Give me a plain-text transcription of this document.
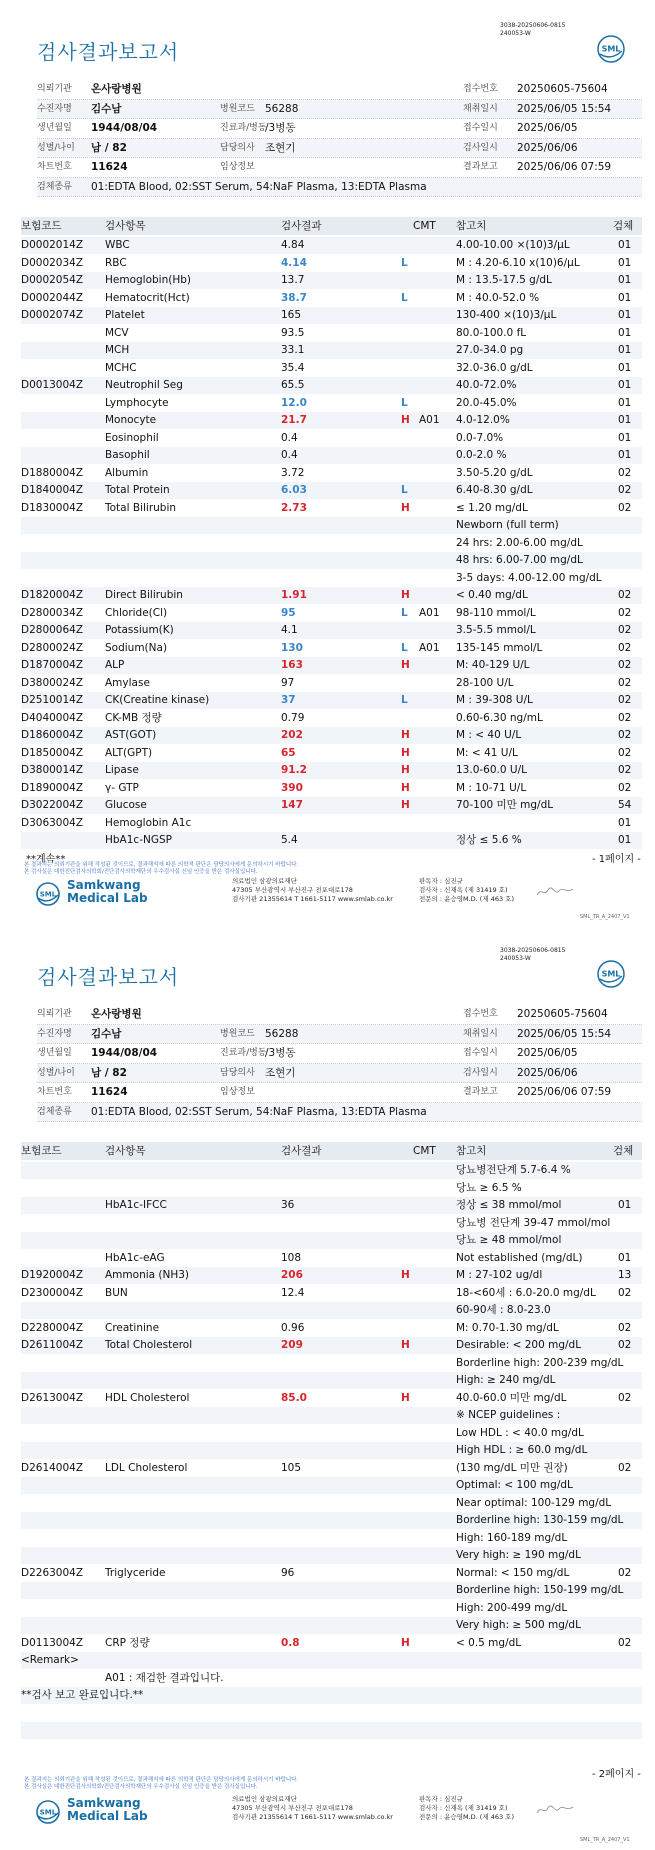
3038-20250606-0815
240053-W
검사결과보고서	SML
의뢰기관 온사랑병원	접수번호 20250605-75604
수진자명 김수남	병원코드 56288	채취일시 2025/06/05 15:54
생년월일 1944/08/04	진료과/병동
/3병동	접수일시 2025/06/05
성별/나이 남 / 82	담당의사 조현기	검사일시 2025/06/06
차트번호 11624	임상정보	결과보고 2025/06/06 07:59
검체종류 01:EDTA Blood, 02:SST Serum, 54:NaF Plasma, 13:EDTA Plasma
보험코드	검사항목	검사결과	CMT 참고치	검체
D0002014Z WBC	4.84	4.00-10.00 ×(10)3/μL	01
D0002034Z RBC	4.14	L	M : 4.20-6.10 x(10)6/μL	01
D0002054Z Hemoglobin(Hb)	13.7	M : 13.5-17.5 g/dL	01
D0002044Z Hematocrit(Hct)	38.7	L	M : 40.0-52.0 %	01
D0002074Z Platelet	165	130-400 ×(10)3/μL	01
MCV	93.5	80.0-100.0 fL	01
MCH	33.1	27.0-34.0 pg	01
MCHC	35.4	32.0-36.0 g/dL	01
D0013004Z Neutrophil Seg	65.5	40.0-72.0%	01
Lymphocyte	12.0	L	20.0-45.0%	01
Monocyte	21.7	H A01 4.0-12.0%	01
Eosinophil	0.4	0.0-7.0%	01
Basophil	0.4	0.0-2.0 %	01
D1880004Z Albumin	3.72	3.50-5.20 g/dL	02
D1840004Z Total Protein	6.03	L	6.40-8.30 g/dL	02
D1830004Z Total Bilirubin	2.73	H	≤ 1.20 mg/dL	02
Newborn (full term)
24 hrs: 2.00-6.00 mg/dL
48 hrs: 6.00-7.00 mg/dL
3-5 days: 4.00-12.00 mg/dL
D1820004Z Direct Bilirubin	1.91	H	< 0.40 mg/dL	02
D2800034Z Chloride(Cl)	95	L A01 98-110 mmol/L	02
D2800064Z Potassium(K)	4.1	3.5-5.5 mmol/L	02
D2800024Z Sodium(Na)	130	L A01 135-145 mmol/L	02
D1870004Z ALP	163	H	M: 40-129 U/L	02
D3800024Z Amylase	97	28-100 U/L	02
D2510014Z CK(Creatine kinase)	37	L	M : 39-308 U/L	02
D4040004Z CK-MB 정량	0.79	0.60-6.30 ng/mL	02
D1860004Z AST(GOT)	202	H	M : < 40 U/L	02
D1850004Z ALT(GPT)	65	H	M: < 41 U/L	02
D3800014Z Lipase	91.2	H	13.0-60.0 U/L	02
D1890004Z γ- GTP	390	H	M : 10-71 U/L	02
D3022004Z Glucose	147	H	70-100 미만 mg/dL	54
D3063004Z Hemoglobin A1c	01
HbA1c-NGSP	5.4	정상 ≤ 5.6 %	01
**계속**	- 1페이지 -
본 결과지는 의뢰기관을 위해 작성된 것이므로, 결과해석에 따른 의학적 판단은 담당의사에게 문의하시기 바랍니다.
본 검사실은 대한진단검사의학회/진단검사의학재단의 우수검사실 신임 인증을 받은 검사실입니다.
SML
Samkwang
Medical Lab
의료법인 삼광의료재단
47305 부산광역시 부산진구 전포대로178
검사기관 21355614 T 1661-5117 www.smlab.co.kr
판독자 : 심진규
검사자 : 신재옥 (제 31419 호)
전문의 : 윤승영M.D. (제 463 호)
SML_TR_A_2407_V1
3038-20250606-0815
240053-W
검사결과보고서	SML
의뢰기관 온사랑병원	접수번호 20250605-75604
수진자명 김수남	병원코드 56288	채취일시 2025/06/05 15:54
생년월일 1944/08/04	진료과/병동
/3병동	접수일시 2025/06/05
성별/나이 남 / 82	담당의사 조현기	검사일시 2025/06/06
차트번호 11624	임상정보	결과보고 2025/06/06 07:59
검체종류 01:EDTA Blood, 02:SST Serum, 54:NaF Plasma, 13:EDTA Plasma
보험코드	검사항목	검사결과	CMT 참고치	검체
당뇨병전단계 5.7-6.4 %
당뇨 ≥ 6.5 %
HbA1c-IFCC	36	정상 ≤ 38 mmol/mol	01
당뇨병 전단계 39-47 mmol/mol
당뇨 ≥ 48 mmol/mol
HbA1c-eAG	108	Not established (mg/dL)	01
D1920004Z Ammonia (NH3)	206	H	M : 27-102 ug/dl	13
D2300004Z BUN	12.4	18-<60세 : 6.0-20.0 mg/dL 02
60-90세 : 8.0-23.0
D2280004Z Creatinine	0.96	M: 0.70-1.30 mg/dL	02
D2611004Z Total Cholesterol	209	H	Desirable: < 200 mg/dL	02
Borderline high: 200-239 mg/dL
High: ≥ 240 mg/dL
D2613004Z HDL Cholesterol	85.0	H	40.0-60.0 미만 mg/dL	02
※ NCEP guidelines :
Low HDL : < 40.0 mg/dL
High HDL : ≥ 60.0 mg/dL
D2614004Z LDL Cholesterol	105	(130 mg/dL 미만 권장)	02
Optimal: < 100 mg/dL
Near optimal: 100-129 mg/dL
Borderline high: 130-159 mg/dL
High: 160-189 mg/dL
Very high: ≥ 190 mg/dL
D2263004Z Triglyceride	96	Normal: < 150 mg/dL	02
Borderline high: 150-199 mg/dL
High: 200-499 mg/dL
Very high: ≥ 500 mg/dL
D0113004Z CRP 정량	0.8	H	< 0.5 mg/dL	02
<Remark>
A01 : 재검한 결과입니다.
**검사 보고 완료입니다.**
- 2페이지 -
본 결과지는 의뢰기관을 위해 작성된 것이므로, 결과해석에 따른 의학적 판단은 담당의사에게 문의하시기 바랍니다.
본 검사실은 대한진단검사의학회/진단검사의학재단의 우수검사실 신임 인증을 받은 검사실입니다.
SML
Samkwang
Medical Lab
의료법인 삼광의료재단
47305 부산광역시 부산진구 전포대로178
검사기관 21355614 T 1661-5117 www.smlab.co.kr
판독자 : 심진규
검사자 : 신재옥 (제 31419 호)
전문의 : 윤승영M.D. (제 463 호)
SML_TR_A_2407_V1
